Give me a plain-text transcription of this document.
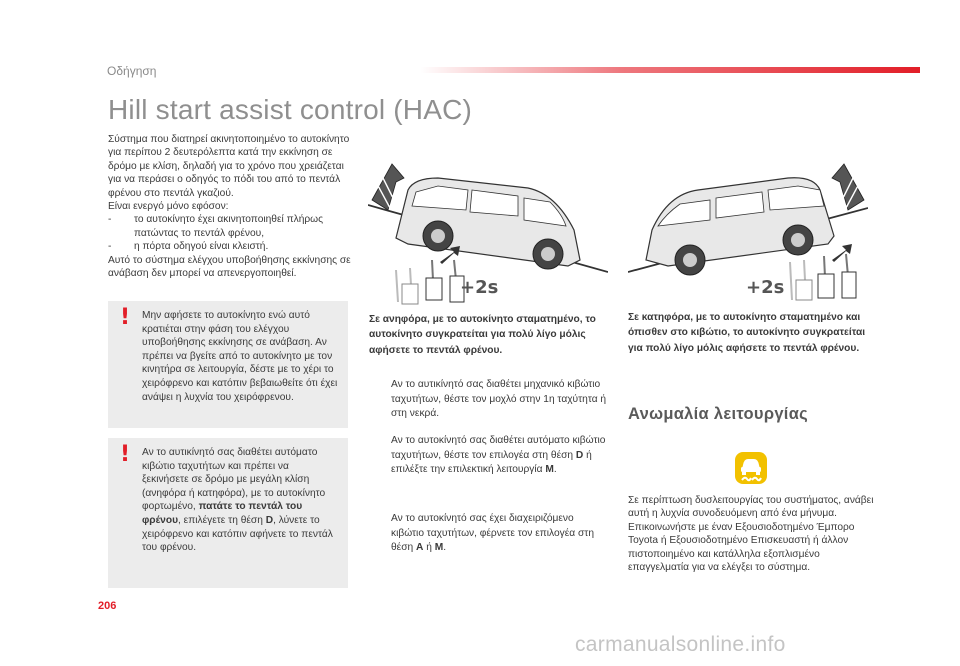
Οδήγηση
Hill start assist control (HAC)

Σύστημα που διατηρεί ακινητοποιημένο το αυτοκίνητο για περίπου 2 δευτερόλεπτα κατά την εκκίνηση σε δρόμο με κλίση, δηλαδή για το χρόνο που χρειάζεται για να περάσει ο οδηγός το πόδι του από το πεντάλ φρένου στο πεντάλ γκαζιού.

Είναι ενεργό μόνο εφόσον:

-	το αυτοκίνητο έχει ακινητοποιηθεί πλήρως πατώντας το πεντάλ φρένου,
-	η πόρτα οδηγού είναι κλειστή.

Αυτό το σύστημα ελέγχου υποβοήθησης εκκίνησης σε ανάβαση δεν μπορεί να απενεργοποιηθεί.

! Μην αφήσετε το αυτοκίνητο ενώ αυτό κρατιέται στην φάση του ελέγχου υποβοήθησης εκκίνησης σε ανάβαση. Αν πρέπει να βγείτε από το αυτοκίνητο με τον κινητήρα σε λειτουργία, δέστε με το χέρι το χειρόφρενο και κατόπιν βεβαιωθείτε ότι έχει ανάψει η λυχνία του χειρόφρενου.
! Αν το αυτικίνητό σας διαθέτει αυτόματο κιβώτιο ταχυτήτων και πρέπει να ξεκινήσετε σε δρόμο με μεγάλη κλίση (ανηφόρα ή κατηφόρα), με το αυτοκίνητο φορτωμένο, πατάτε το πεντάλ του φρένου, επιλέγετε τη θέση D, λύνετε το χειρόφρενο και κατόπιν αφήνετε το πεντάλ του φρένου.
+2s	+2s
Σε ανηφόρα, με το αυτοκίνητο σταματημένο, το αυτοκίνητο συγκρατείται για πολύ λίγο μόλις αφήσετε το πεντάλ φρένου.
Σε κατηφόρα, με το αυτοκίνητο σταματημένο και όπισθεν στο κιβώτιο, το αυτοκίνητο συγκρατείται για πολύ λίγο μόλις αφήσετε το πεντάλ φρένου.
Αν το αυτικίνητό σας διαθέτει μηχανικό κιβώτιο ταχυτήτων, θέστε τον μοχλό στην 1η ταχύτητα ή στη νεκρά.
Αν το αυτοκίνητό σας διαθέτει αυτόματο κιβώτιο ταχυτήτων, θέστε τον επιλογέα στη θέση D ή επιλέξτε την επιλεκτική λειτουργία M.
Αν το αυτοκίνητό σας έχει διαχειριζόμενο κιβώτιο ταχυτήτων, φέρνετε τον επιλογέα στη θέση A ή M.
Ανωμαλία λειτουργίας
Σε περίπτωση δυσλειτουργίας του συστήματος, ανάβει αυτή η λυχνία συνοδευόμενη από ένα μήνυμα. Επικοινωνήστε με έναν Εξουσιοδοτημένο Έμπορο Toyota ή Εξουσιοδοτημένο Επισκευαστή ή άλλον πιστοποιημένο και κατάλληλα εξοπλισμένο επαγγελματία για να ελέγξει το σύστημα.
206
carmanualsonline.info
